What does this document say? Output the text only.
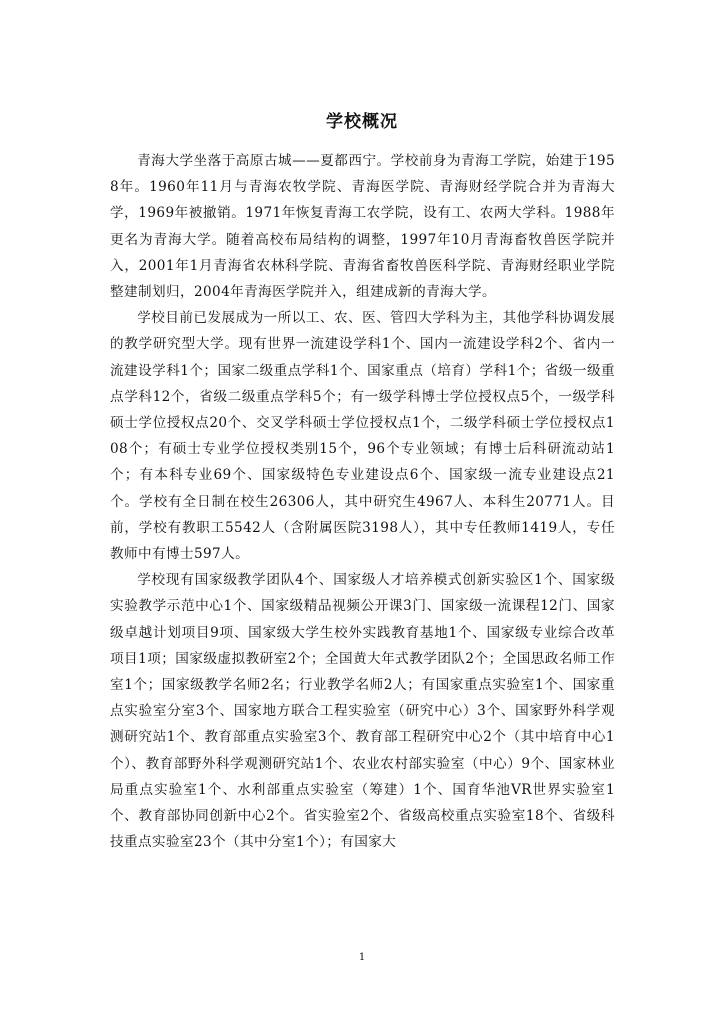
学校概况

青海大学坐落于高原古城——夏都西宁。学校前身为青海工学院，始建于1958年。1960年11月与青海农牧学院、青海医学院、青海财经学院合并为青海大学，1969年被撤销。1971年恢复青海工农学院，设有工、农两大学科。1988年更名为青海大学。随着高校布局结构的调整，1997年10月青海畜牧兽医学院并入，2001年1月青海省农林科学院、青海省畜牧兽医科学院、青海财经职业学院整建制划归，2004年青海医学院并入，组建成新的青海大学。

学校目前已发展成为一所以工、农、医、管四大学科为主，其他学科协调发展的教学研究型大学。现有世界一流建设学科1个、国内一流建设学科2个、省内一流建设学科1个；国家二级重点学科1个、国家重点（培育）学科1个；省级一级重点学科12个，省级二级重点学科5个；有一级学科博士学位授权点5个，一级学科硕士学位授权点20个、交叉学科硕士学位授权点1个，二级学科硕士学位授权点108个；有硕士专业学位授权类别15个，96个专业领域；有博士后科研流动站1个；有本科专业69个、国家级特色专业建设点6个、国家级一流专业建设点21个。学校有全日制在校生26306人，其中研究生4967人、本科生20771人。目前，学校有教职工5542人（含附属医院3198人），其中专任教师1419人，专任教师中有博士597人。

学校现有国家级教学团队4个、国家级人才培养模式创新实验区1个、国家级实验教学示范中心1个、国家级精品视频公开课3门、国家级一流课程12门、国家级卓越计划项目9项、国家级大学生校外实践教育基地1个、国家级专业综合改革项目1项；国家级虚拟教研室2个；全国黄大年式教学团队2个；全国思政名师工作室1个；国家级教学名师2名；行业教学名师2人；有国家重点实验室1个、国家重点实验室分室3个、国家地方联合工程实验室（研究中心）3个、国家野外科学观测研究站1个、教育部重点实验室3个、教育部工程研究中心2个（其中培育中心1个）、教育部野外科学观测研究站1个、农业农村部实验室（中心）9个、国家林业局重点实验室1个、水利部重点实验室（筹建）1个、国育华池VR世界实验室1个、教育部协同创新中心2个。省实验室2个、省级高校重点实验室18个、省级科技重点实验室23个（其中分室1个）；有国家大

1
